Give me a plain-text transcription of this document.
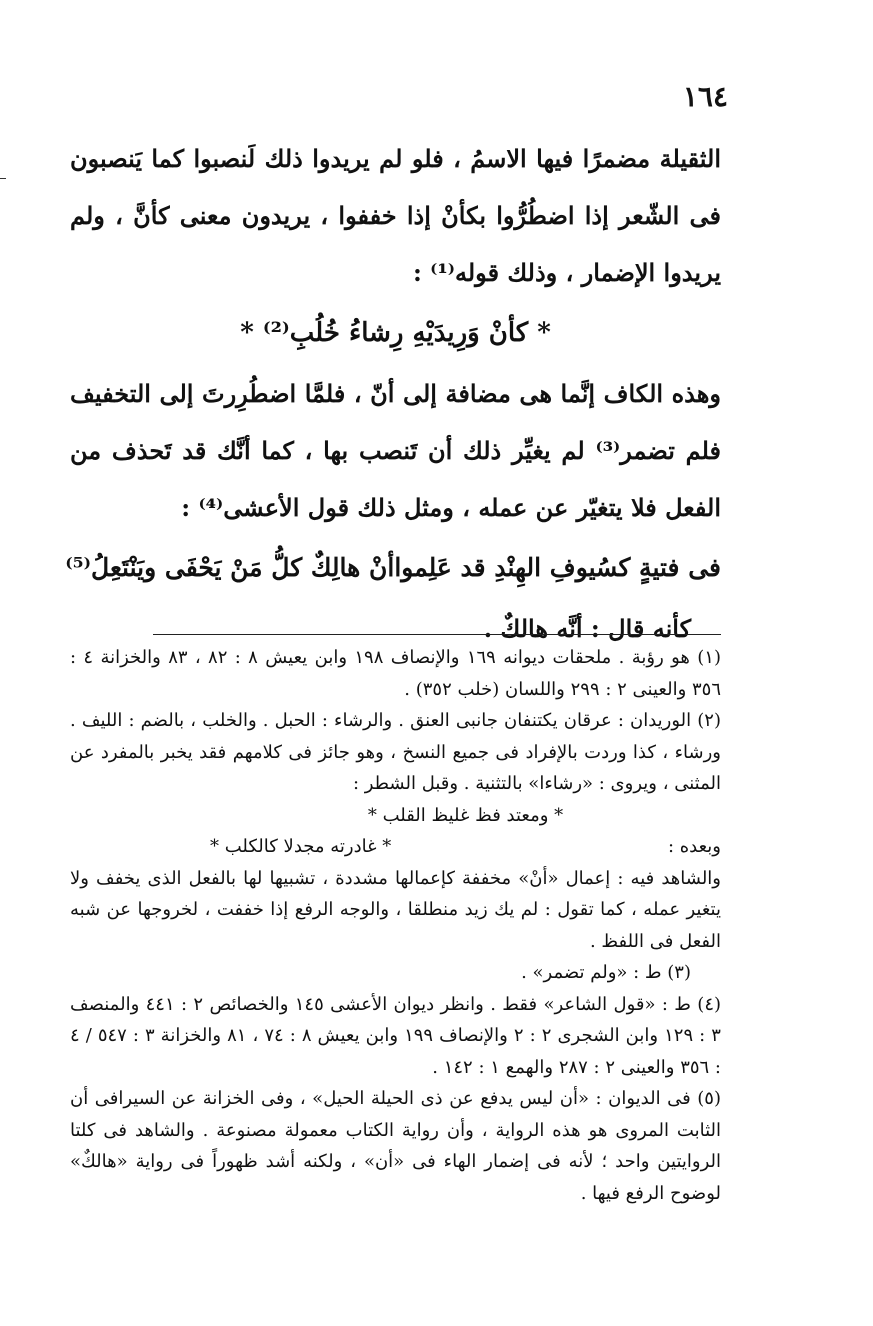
١٦٤

الثقيلة مضمرًا فيها الاسمُ ، فلو لم يريدوا ذلك لَنصبوا كما يَنصبون فى الشّعر إذا اضطُرُّوا بكأنْ إذا خففوا ، يريدون معنى كأنَّ ، ولم يريدوا الإضمار ، وذلك قوله⁽¹⁾ :

* كأنْ وَرِيدَيْهِ رِشاءُ خُلُبِ⁽²⁾ *

وهذه الكاف إنَّما هى مضافة إلى أنّ ، فلمَّا اضطُرِرتَ إلى التخفيف فلم تضمر⁽³⁾ لم يغيِّر ذلك أن تَنصب بها ، كما أنَّك قد تَحذف من الفعل فلا يتغيّر عن عمله ، ومثل ذلك قول الأعشى⁽⁴⁾ :

فى فتيةٍ كسُيوفِ الهِنْدِ قد عَلِموا
أنْ هالِكٌ كلُّ مَنْ يَحْفَى ويَنْتَعِلُ⁽⁵⁾

كأنه قال : أنَّه هالكٌ .

(١) هو رؤبة . ملحقات ديوانه ١٦٩ والإنصاف ١٩٨ وابن يعيش ٨ : ٨٢ ، ٨٣ والخزانة ٤ : ٣٥٦ والعينى ٢ : ٢٩٩ واللسان (خلب ٣٥٢) .

(٢) الوريدان : عرقان يكتنفان جانبى العنق . والرشاء : الحبل . والخلب ، بالضم : الليف . ورشاء ، كذا وردت بالإفراد فى جميع النسخ ، وهو جائز فى كلامهم فقد يخبر بالمفرد عن المثنى ، ويروى : «رشاءا» بالتثنية . وقبل الشطر :

* ومعتد فظ غليظ القلب *

وبعده :
* غادرته مجدلا كالكلب *

والشاهد فيه : إعمال «أنْ» مخففة كإعمالها مشددة ، تشبيها لها بالفعل الذى يخفف ولا يتغير عمله ، كما تقول : لم يك زيد منطلقا ، والوجه الرفع إذا خففت ، لخروجها عن شبه الفعل فى اللفظ .

(٣) ط : «ولم تضمر» .

(٤) ط : «قول الشاعر» فقط . وانظر ديوان الأعشى ١٤٥ والخصائص ٢ : ٤٤١ والمنصف ٣ : ١٢٩ وابن الشجرى ٢ : ٢ والإنصاف ١٩٩ وابن يعيش ٨ : ٧٤ ، ٨١ والخزانة ٣ : ٥٤٧ / ٤ : ٣٥٦ والعينى ٢ : ٢٨٧ والهمع ١ : ١٤٢ .

(٥) فى الديوان : «أن ليس يدفع عن ذى الحيلة الحيل» ، وفى الخزانة عن السيرافى أن الثابت المروى هو هذه الرواية ، وأن رواية الكتاب معمولة مصنوعة . والشاهد فى كلتا الروايتين واحد ؛ لأنه فى إضمار الهاء فى «أن» ، ولكنه أشد ظهوراً فى رواية «هالكٌ» لوضوح الرفع فيها .
